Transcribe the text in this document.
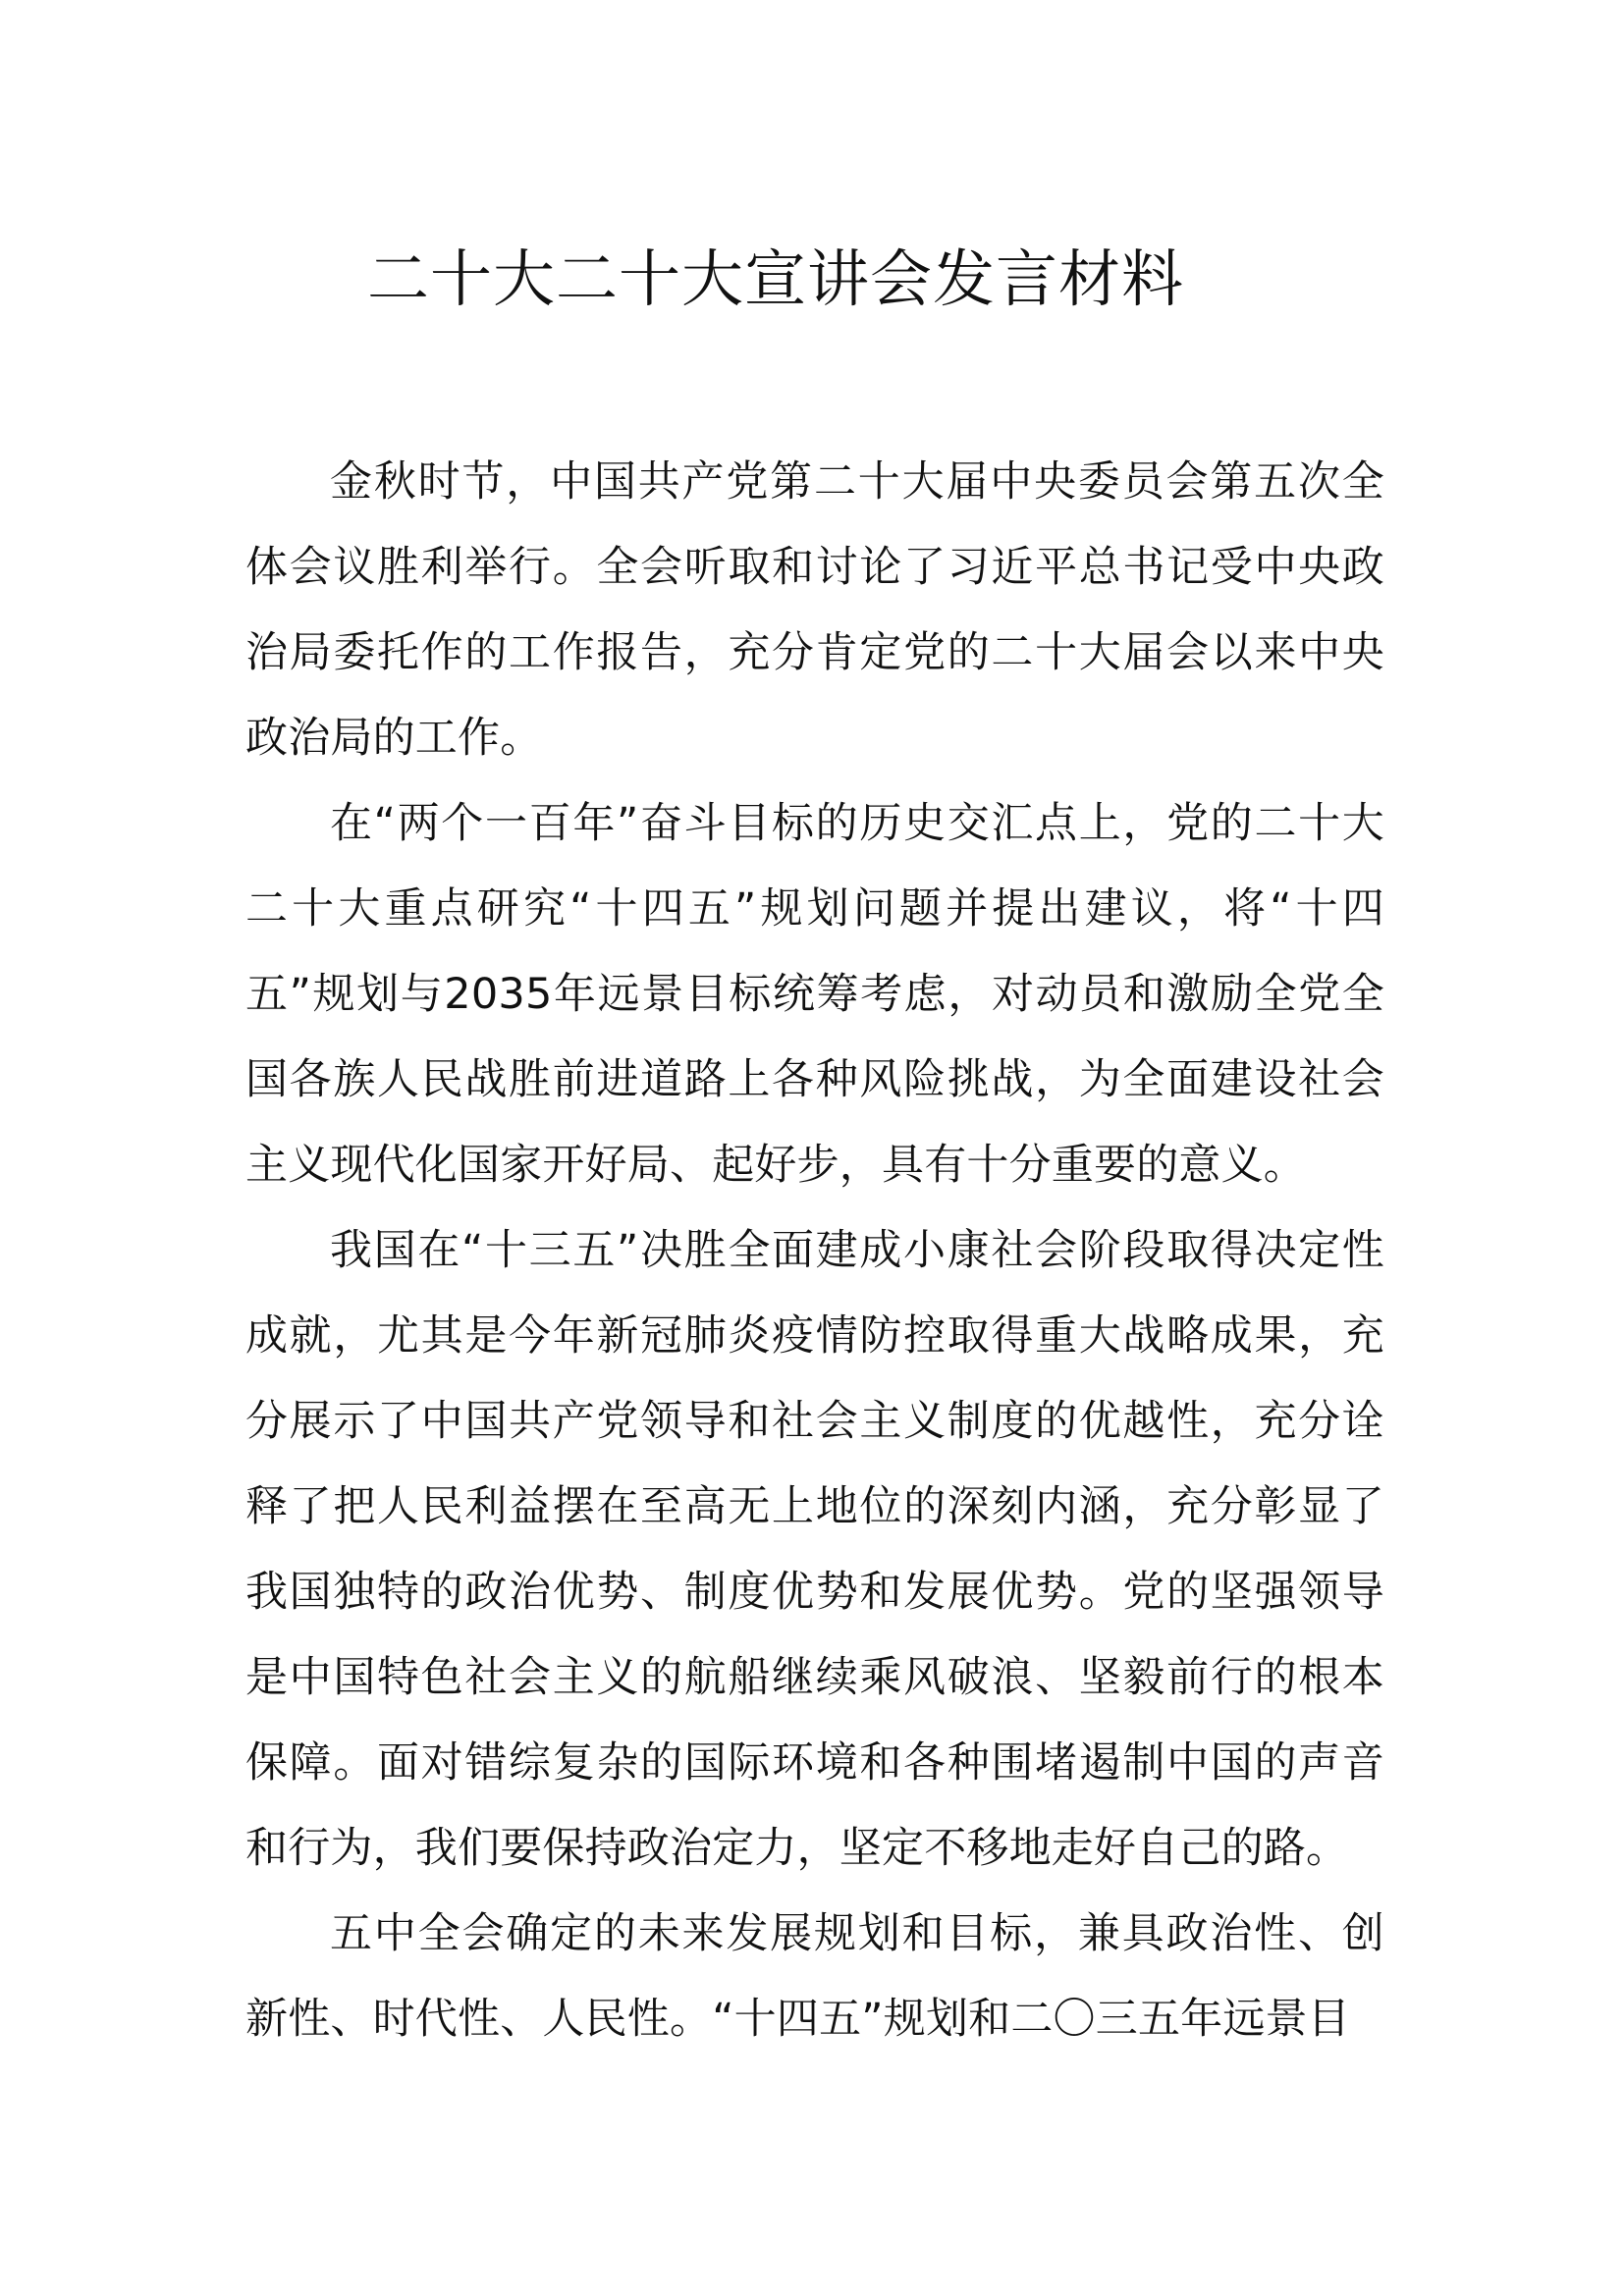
二十大二十大宣讲会发言材料

金秋时节，中国共产党第二十大届中央委员会第五次全体会议胜利举行。全会听取和讨论了习近平总书记受中央政治局委托作的工作报告，充分肯定党的二十大届会以来中央政治局的工作。

在“两个一百年”奋斗目标的历史交汇点上，党的二十大二十大重点研究“十四五”规划问题并提出建议，将“十四五”规划与2035年远景目标统筹考虑，对动员和激励全党全国各族人民战胜前进道路上各种风险挑战，为全面建设社会主义现代化国家开好局、起好步，具有十分重要的意义。

我国在“十三五”决胜全面建成小康社会阶段取得决定性成就，尤其是今年新冠肺炎疫情防控取得重大战略成果，充分展示了中国共产党领导和社会主义制度的优越性，充分诠释了把人民利益摆在至高无上地位的深刻内涵，充分彰显了我国独特的政治优势、制度优势和发展优势。党的坚强领导是中国特色社会主义的航船继续乘风破浪、坚毅前行的根本保障。面对错综复杂的国际环境和各种围堵遏制中国的声音和行为，我们要保持政治定力，坚定不移地走好自己的路。

五中全会确定的未来发展规划和目标，兼具政治性、创新性、时代性、人民性。“十四五”规划和二〇三五年远景目
